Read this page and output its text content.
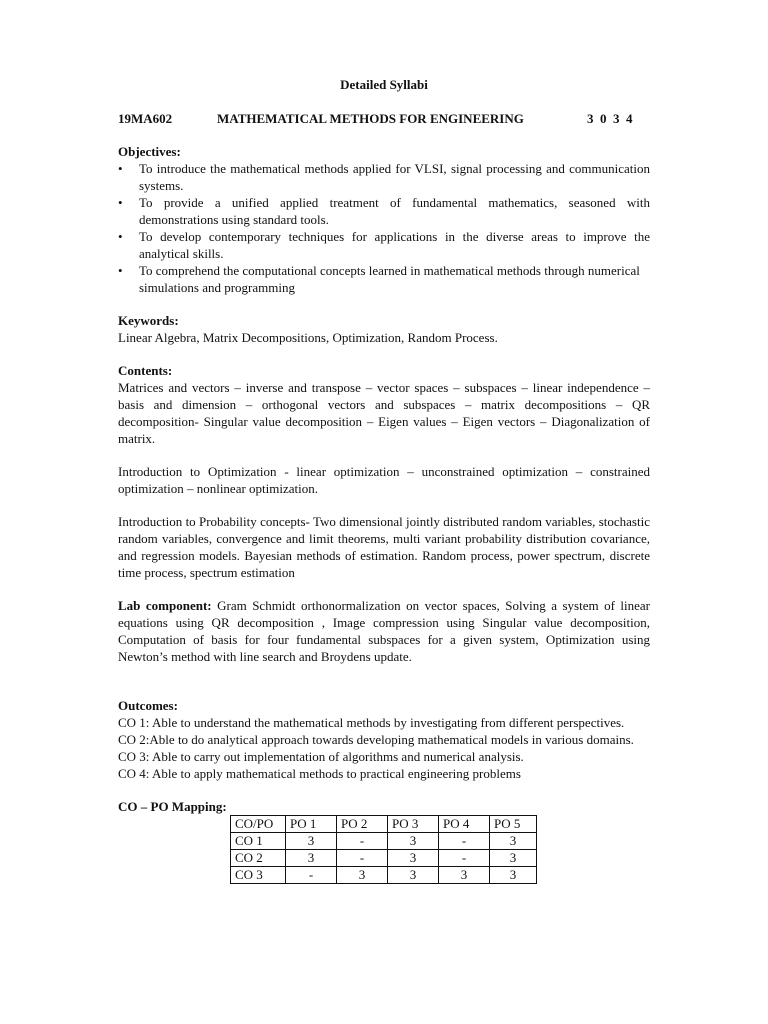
Detailed Syllabi

19MA602	MATHEMATICAL METHODS FOR ENGINEERING	3  0  3  4

Objectives:

• To introduce the mathematical methods applied for VLSI, signal processing and communication systems.
• To provide a unified applied treatment of fundamental mathematics, seasoned with demonstrations using standard tools.
• To develop contemporary techniques for applications in the diverse areas to improve the analytical skills.
• To comprehend the computational concepts learned in mathematical methods through numerical simulations and programming

Keywords:

Linear Algebra, Matrix Decompositions, Optimization, Random Process.

Contents:

Matrices and vectors – inverse and transpose – vector spaces – subspaces – linear independence – basis and dimension – orthogonal vectors and subspaces – matrix decompositions – QR decomposition- Singular value decomposition – Eigen values – Eigen vectors – Diagonalization of matrix.

Introduction to Optimization - linear optimization – unconstrained optimization – constrained optimization – nonlinear optimization.

Introduction to Probability concepts- Two dimensional jointly distributed random variables, stochastic random variables, convergence and limit theorems, multi variant probability distribution covariance, and regression models. Bayesian methods of estimation. Random process, power spectrum, discrete time process, spectrum estimation

Lab component: Gram Schmidt orthonormalization on vector spaces, Solving a system of linear equations using QR decomposition , Image compression using Singular value decomposition, Computation of basis for four fundamental subspaces for a given system, Optimization using Newton’s method with line search and Broydens update.

Outcomes:

CO 1: Able to understand the mathematical methods by investigating from different perspectives.

CO 2:Able to do analytical approach towards developing mathematical models in various domains.

CO 3: Able to carry out implementation of algorithms and numerical analysis.

CO 4: Able to apply mathematical methods to practical engineering problems

CO – PO Mapping:

CO/PO	PO 1	PO 2	PO 3	PO 4	PO 5
CO 1	3	-	3	-	3
CO 2	3	-	3	-	3
CO 3	-	3	3	3	3
